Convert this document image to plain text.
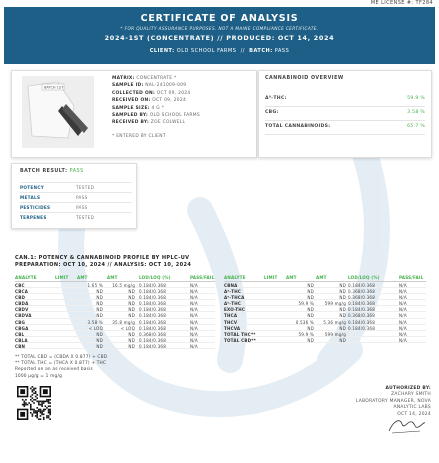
ME LICENSE #: TF284
CERTIFICATE OF ANALYSIS
* FOR QUALITY ASSURANCE PURPOSES. NOT A MAINE COMPLIANCE CERTIFICATE.
2024-1ST (CONCENTRATE) // PRODUCED: OCT 14, 2024
CLIENT: OLD SCHOOL FARMS  //  BATCH: PASS
BATCH 1ST
MATRIX: CONCENTRATE *
SAMPLE ID: NAL-241009-009
COLLECTED ON: OCT 09, 2024
RECEIVED ON: OCT 09, 2024
SAMPLE SIZE: 4 G *
SAMPLED BY: OLD SCHOOL FARMS
RECEIVED BY: ZOE COLWELL
* ENTERED BY CLIENT
CANNABINOID OVERVIEW
Δ⁹-THC:	59.9 %
CBG:	3.58 %
TOTAL CANNABINOIDS:	65.7 %
BATCH RESULT: PASS
POTENCY	TESTED
METALS	PASS
PESTICIDES	PASS
TERPENES	TESTED
CAN.1: POTENCY & CANNABINOID PROFILE BY HPLC-UV
PREPARATION: OCT 10, 2024 // ANALYSIS: OCT 10, 2024
ANALYTE	LIMIT AMT	AMT	LOD/LOQ (%)	PASS/FAIL
CBC	1.65 % 16.5 mg/g 0.184/0.368	N/A
CBCA	ND	ND 0.184/0.368	N/A
CBD	ND	ND 0.184/0.368	N/A
CBDA	ND	ND 0.184/0.368	N/A
CBDV	ND	ND 0.184/0.368	N/A
CBDVA	ND	ND 0.184/0.368	N/A
CBG	3.58 % 35.8 mg/g 0.184/0.368	N/A
CBGA	< LOQ	< LOQ 0.184/0.368	N/A
CBL	ND	ND 0.368/0.368	N/A
CBLA	ND	ND 0.184/0.368	N/A
CBN	ND	ND 0.184/0.368	N/A
ANALYTE	LIMIT AMT	AMT	LOD/LOQ (%)	PASS/FAIL
CBNA	ND	ND 0.184/0.368	N/A
Δ⁸-THC	ND	ND 0.368/0.368	N/A
Δ⁹-THCA	ND	ND 0.368/0.368	N/A
Δ⁹-THC	59.9 %	599 mg/g 0.184/0.368	N/A
EXO-THC	ND	ND 0.184/0.368	N/A
THCA	ND	ND 0.368/0.368	N/A
THCV	0.536 % 5.36 mg/g 0.184/0.368	N/A
THCVA	ND	ND 0.184/0.368	N/A
TOTAL THC**	59.9 %	599 mg/g	N/A
TOTAL CBD**	ND	ND	N/A
** TOTAL CBD = (CBDA X 0.877) + CBD
** TOTAL THC = (THCA X 0.877) + THC
Reported on an as received basis
1000 μg/g = 1 mg/g
AUTHORIZED BY:
ZACHARY SMITH
LABORATORY MANAGER, NOVA
ANALYTIC LABS
OCT 14, 2024
